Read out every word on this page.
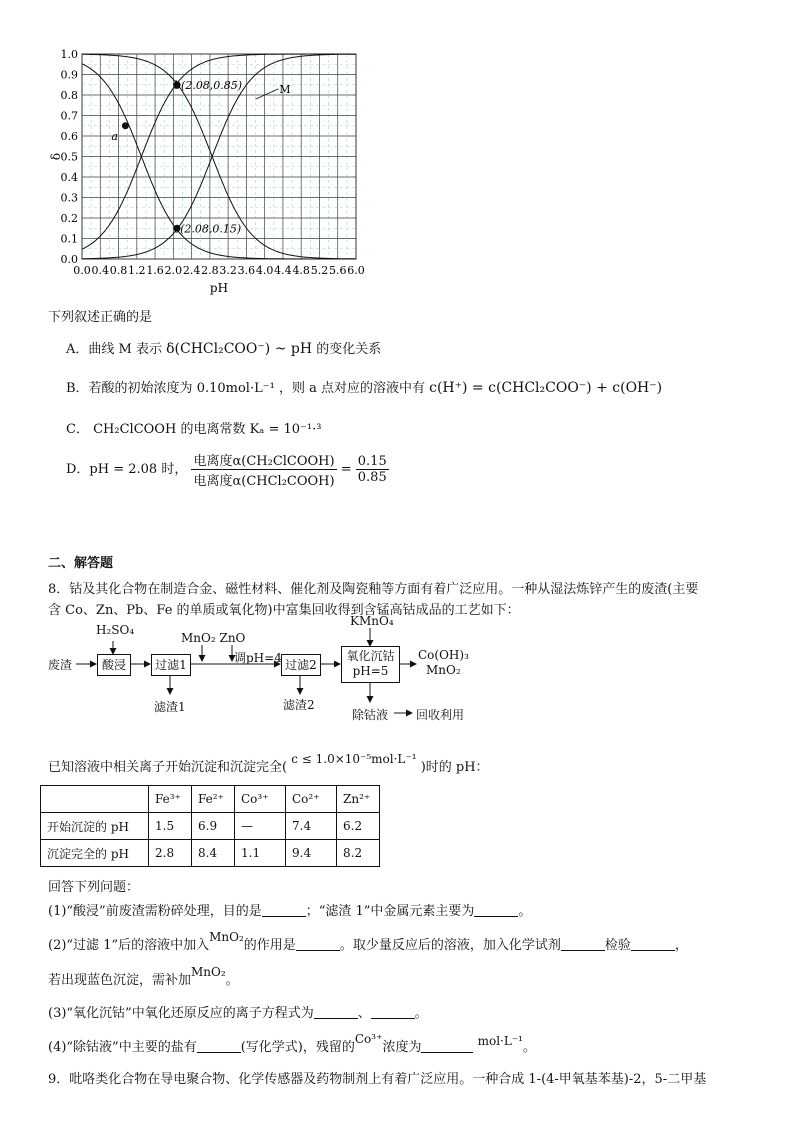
0.0 0.4 0.8 1.2 1.6 2.0 2.4 2.8 3.2 3.6 4.0 4.4 4.8 5.2 5.6 6.0
0.0
0.1
0.2
0.3
0.4
0.5
0.6
0.7
0.8
0.9
1.0
pH
δ
b(2.08,0.85)
c(2.08,0.15)
a
M
下列叙述正确的是
A．曲线 M 表示 δ(CHCl₂COO⁻) ~ pH 的变化关系
B．若酸的初始浓度为 0.10mol·L⁻¹ ，则 a 点对应的溶液中有 c(H⁺) = c(CHCl₂COO⁻) + c(OH⁻)
C． CH₂ClCOOH 的电离常数 Kₐ = 10⁻¹·³
D．pH = 2.08 时， $\frac{\text{电离度α(CH₂ClCOOH)}}{\text{电离度α(CHCl₂COOH)}} = \frac{0.15}{0.85}$
二、解答题
8．钴及其化合物在制造合金、磁性材料、催化剂及陶瓷釉等方面有着广泛应用。一种从湿法炼锌产生的废渣(主要
含 Co、Zn、Pb、Fe 的单质或氧化物)中富集回收得到含锰高钴成品的工艺如下：
废渣
H₂SO₄
酸浸	过滤1
滤渣1
MnO₂ ZnO
调pH=4 过滤2
滤渣2
KMnO₄
氧化沉钴
pH=5
Co(OH)₃
MnO₂
除钴液 回收利用
已知溶液中相关离子开始沉淀和沉淀完全( c ≤ 1.0×10⁻⁵mol·L⁻¹ )时的 pH：
	Fe³⁺	Fe²⁺	Co³⁺	Co²⁺	Zn²⁺
开始沉淀的 pH	1.5	6.9	—	7.4	6.2
沉淀完全的 pH	2.8	8.4	1.1	9.4	8.2
回答下列问题：
(1)“酸浸”前废渣需粉碎处理，目的是	；“滤渣 1”中金属元素主要为	。
(2)“过滤 1”后的溶液中加入MnO₂的作用是	。取少量反应后的溶液，加入化学试剂	检验	，
若出现蓝色沉淀，需补加MnO₂。
(3)“氧化沉钴”中氧化还原反应的离子方程式为	、	。
(4)“除钴液”中主要的盐有	(写化学式)，残留的Co³⁺浓度为	mol·L⁻¹。
9．吡咯类化合物在导电聚合物、化学传感器及药物制剂上有着广泛应用。一种合成 1-(4-甲氧基苯基)-2，5-二甲基
